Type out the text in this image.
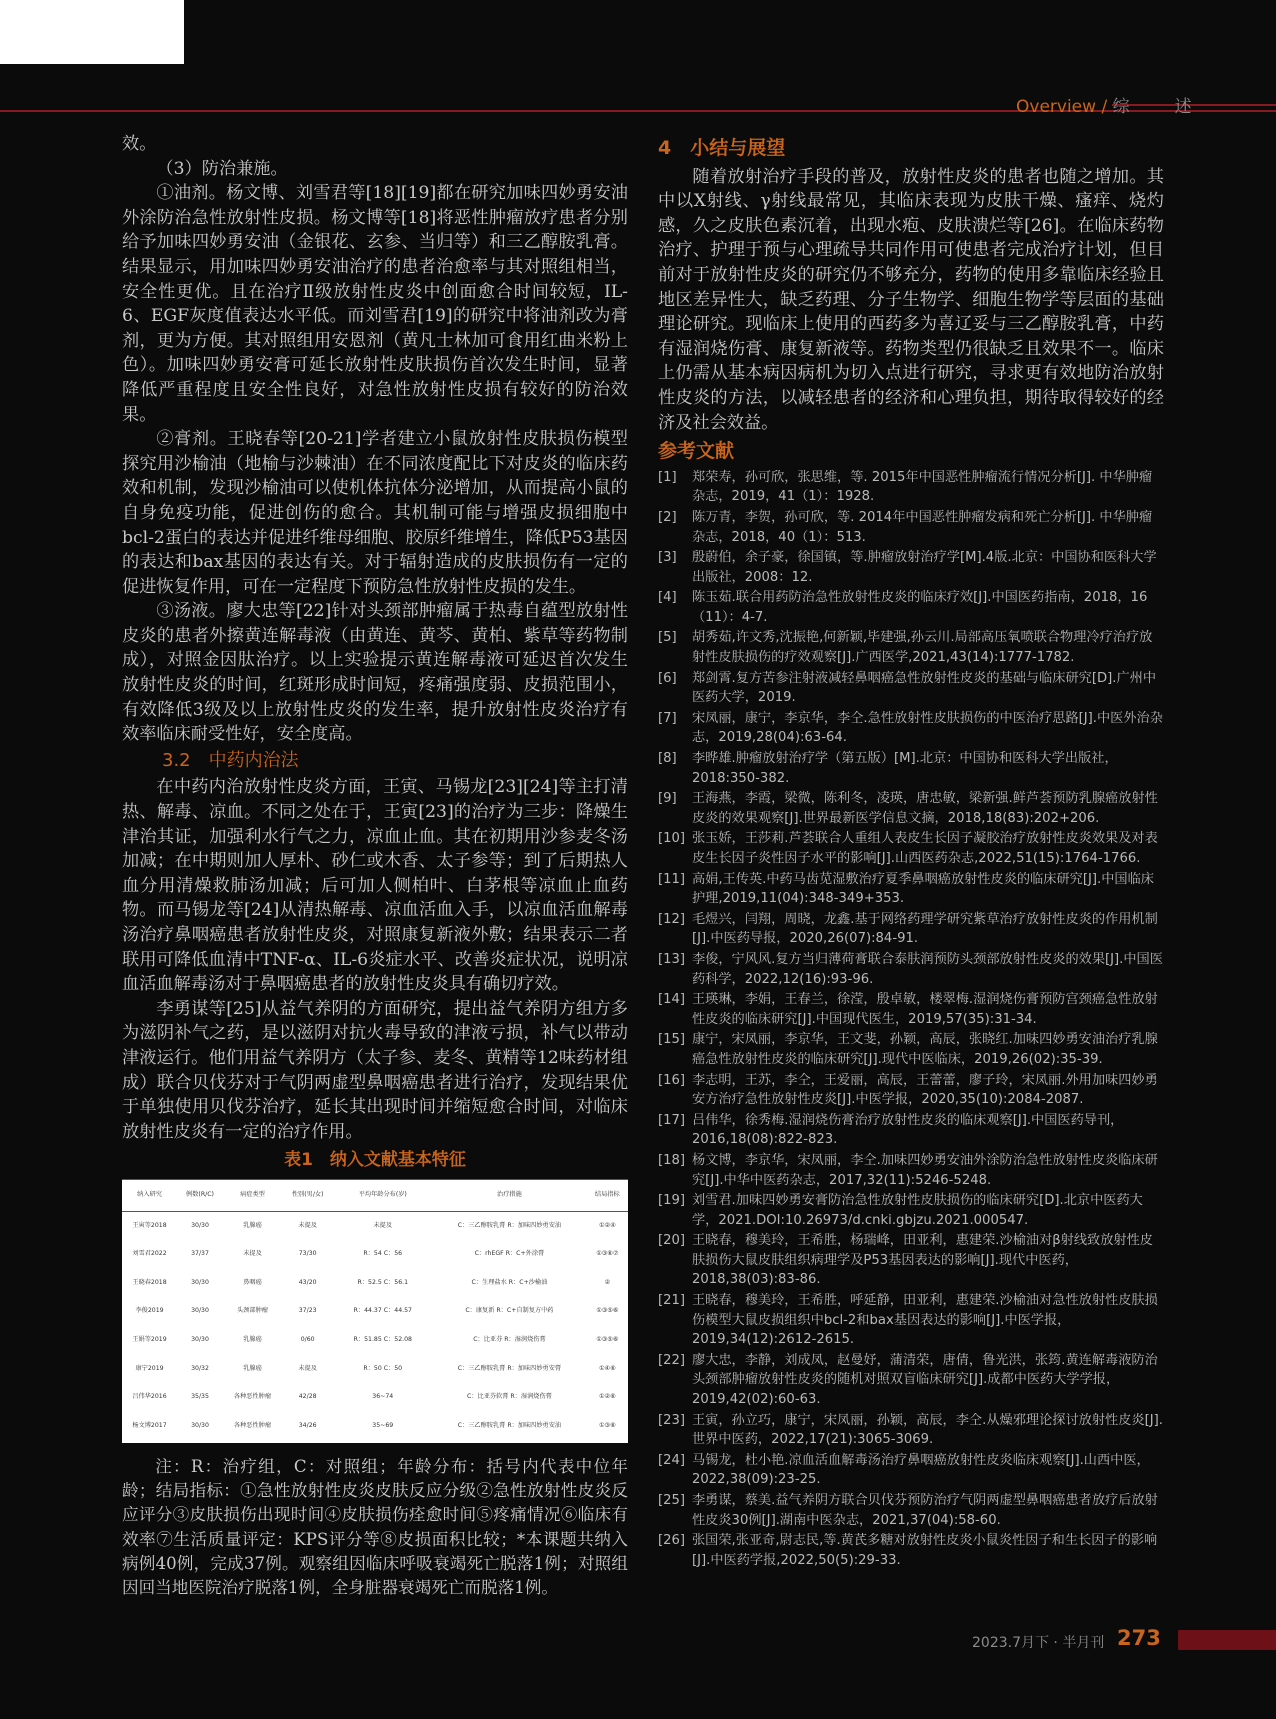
Overview / 综　述

效。

（3）防治兼施。

①油剂。杨文博、刘雪君等[18][19]都在研究加味四妙勇安油外涂防治急性放射性皮损。杨文博等[18]将恶性肿瘤放疗患者分别给予加味四妙勇安油（金银花、玄参、当归等）和三乙醇胺乳膏。结果显示，用加味四妙勇安油治疗的患者治愈率与其对照组相当，安全性更优。且在治疗Ⅱ级放射性皮炎中创面愈合时间较短，IL-6、EGF灰度值表达水平低。而刘雪君[19]的研究中将油剂改为膏剂，更为方便。其对照组用安恩剂（黄凡士林加可食用红曲米粉上色）。加味四妙勇安膏可延长放射性皮肤损伤首次发生时间，显著降低严重程度且安全性良好，对急性放射性皮损有较好的防治效果。

②膏剂。王晓春等[20-21]学者建立小鼠放射性皮肤损伤模型探究用沙榆油（地榆与沙棘油）在不同浓度配比下对皮炎的临床药效和机制，发现沙榆油可以使机体抗体分泌增加，从而提高小鼠的自身免疫功能，促进创伤的愈合。其机制可能与增强皮损细胞中bcl-2蛋白的表达并促进纤维母细胞、胶原纤维增生，降低P53基因的表达和bax基因的表达有关。对于辐射造成的皮肤损伤有一定的促进恢复作用，可在一定程度下预防急性放射性皮损的发生。

③汤液。廖大忠等[22]针对头颈部肿瘤属于热毒自蕴型放射性皮炎的患者外擦黄连解毒液（由黄连、黄芩、黄柏、紫草等药物制成），对照金因肽治疗。以上实验提示黄连解毒液可延迟首次发生放射性皮炎的时间，红斑形成时间短，疼痛强度弱、皮损范围小，有效降低3级及以上放射性皮炎的发生率，提升放射性皮炎治疗有效率临床耐受性好，安全度高。

3.2　中药内治法

在中药内治放射性皮炎方面，王寅、马锡龙[23][24]等主打清热、解毒、凉血。不同之处在于，王寅[23]的治疗为三步：降燥生津治其证，加强利水行气之力，凉血止血。其在初期用沙参麦冬汤加减；在中期则加人厚朴、砂仁或木香、太子参等；到了后期热人血分用清燥救肺汤加减；后可加人侧柏叶、白茅根等凉血止血药物。而马锡龙等[24]从清热解毒、凉血活血入手，以凉血活血解毒汤治疗鼻咽癌患者放射性皮炎，对照康复新液外敷；结果表示二者联用可降低血清中TNF-α、IL-6炎症水平、改善炎症状况，说明凉血活血解毒汤对于鼻咽癌患者的放射性皮炎具有确切疗效。

李勇谋等[25]从益气养阴的方面研究，提出益气养阴方组方多为滋阴补气之药，是以滋阴对抗火毒导致的津液亏损，补气以带动津液运行。他们用益气养阴方（太子参、麦冬、黄精等12味药材组成）联合贝伐芬对于气阴两虚型鼻咽癌患者进行治疗，发现结果优于单独使用贝伐芬治疗，延长其出现时间并缩短愈合时间，对临床放射性皮炎有一定的治疗作用。

表1　纳入文献基本特征
纳入研究	例数(R/C)	病症类型	性别(男/女)	平均年龄分布(岁)	治疗措施	结局指标
王寅等2018	30/30	乳腺癌	未提及	未提及	C：三乙醇胺乳膏 R：加味四妙勇安油	①②④
刘雪君2022	37/37	未提及	73/30	R：54 C：56	C：rhEGF R：C+外涂膏	①③⑥⑦
王晓春2018	30/30	鼻咽癌	43/20	R：52.5 C：56.1	C：生理盐水 R：C+沙榆油	②
李俊2019	30/30	头颈部肿瘤	37/23	R：44.37 C：44.57	C：康复新 R：C+自制复方中药	①③⑤⑥
王娟等2019	30/30	乳腺癌	0/60	R：51.85 C：52.08	C：比亚芬 R：湿润烧伤膏	①③⑤⑥
康宁2019	30/32	乳腺癌	未提及	R：50 C：50	C：三乙醇胺乳膏 R：加味四妙勇安膏	①④⑥
吕伟华2016	35/35	各种恶性肿瘤	42/28	36~74	C：比亚芬软膏 R：湿润烧伤膏	①②⑥
杨文博2017	30/30	各种恶性肿瘤	34/26	35~69	C：三乙醇胺乳膏 R：加味四妙勇安油	①③⑥

注：R：治疗组，C：对照组；年龄分布：括号内代表中位年龄；结局指标：①急性放射性皮炎皮肤反应分级②急性放射性皮炎反应评分③皮肤损伤出现时间④皮肤损伤痊愈时间⑤疼痛情况⑥临床有效率⑦生活质量评定：KPS评分等⑧皮损面积比较；*本课题共纳入病例40例，完成37例。观察组因临床呼吸衰竭死亡脱落1例；对照组因回当地医院治疗脱落1例，全身脏器衰竭死亡而脱落1例。

4　小结与展望

随着放射治疗手段的普及，放射性皮炎的患者也随之增加。其中以X射线、γ射线最常见，其临床表现为皮肤干燥、瘙痒、烧灼感，久之皮肤色素沉着，出现水疱、皮肤溃烂等[26]。在临床药物治疗、护理于预与心理疏导共同作用可使患者完成治疗计划，但目前对于放射性皮炎的研究仍不够充分，药物的使用多靠临床经验且地区差异性大，缺乏药理、分子生物学、细胞生物学等层面的基础理论研究。现临床上使用的西药多为喜辽妥与三乙醇胺乳膏，中药有湿润烧伤膏、康复新液等。药物类型仍很缺乏且效果不一。临床上仍需从基本病因病机为切入点进行研究，寻求更有效地防治放射性皮炎的方法，以减轻患者的经济和心理负担，期待取得较好的经济及社会效益。

参考文献
[1]	郑荣寿，孙可欣，张思维，等. 2015年中国恶性肿瘤流行情况分析[J]. 中华肿瘤杂志，2019，41（1）：1928.
[2]	陈万青，李贺，孙可欣，等. 2014年中国恶性肿瘤发病和死亡分析[J]. 中华肿瘤杂志，2018，40（1）：513.
[3]	殷蔚伯，余子豪，徐国镇，等.肿瘤放射治疗学[M].4版.北京：中国协和医科大学出版社，2008：12.
[4]	陈玉茹.联合用药防治急性放射性皮炎的临床疗效[J].中国医药指南，2018，16（11）：4-7.
[5]	胡秀茹,许文秀,沈振艳,何新颖,毕建强,孙云川.局部高压氧喷联合物理冷疗治疗放射性皮肤损伤的疗效观察[J].广西医学,2021,43(14):1777-1782.
[6]	郑剑霄.复方苦参注射液减轻鼻咽癌急性放射性皮炎的基础与临床研究[D].广州中医药大学，2019.
[7]	宋凤丽，康宁，李京华，李仝.急性放射性皮肤损伤的中医治疗思路[J].中医外治杂志，2019,28(04):63-64.
[8]	李晔雄.肿瘤放射治疗学（第五版）[M].北京：中国协和医科大学出版社，2018:350-382.
[9]	王海燕，李霞，梁微，陈利冬，凌瑛，唐忠敏，梁新强.鲜芦荟预防乳腺癌放射性皮炎的效果观察[J].世界最新医学信息文摘，2018,18(83):202+206.
[10] 张玉娇，王莎莉.芦荟联合人重组人表皮生长因子凝胶治疗放射性皮炎效果及对表皮生长因子炎性因子水平的影响[J].山西医药杂志,2022,51(15):1764-1766.
[11] 高娟,王传英.中药马齿苋湿敷治疗夏季鼻咽癌放射性皮炎的临床研究[J].中国临床护理,2019,11(04):348-349+353.
[12] 毛煜兴，闫翔，周晓，龙鑫.基于网络药理学研究紫草治疗放射性皮炎的作用机制[J].中医药导报，2020,26(07):84-91.
[13] 李俊，宁风风.复方当归薄荷膏联合泰肤润预防头颈部放射性皮炎的效果[J].中国医药科学，2022,12(16):93-96.
[14] 王瑛琳，李娟，王春兰，徐滢，殷卓敏，楼翠梅.湿润烧伤膏预防宫颈癌急性放射性皮炎的临床研究[J].中国现代医生，2019,57(35):31-34.
[15] 康宁，宋凤丽，李京华，王文斐，孙颖，高辰，张晓红.加味四妙勇安油治疗乳腺癌急性放射性皮炎的临床研究[J].现代中医临床，2019,26(02):35-39.
[16] 李志明，王苏，李仝，王爱丽，高辰，王蕾蕾，廖子玲，宋凤丽.外用加味四妙勇安方治疗急性放射性皮炎[J].中医学报，2020,35(10):2084-2087.
[17] 吕伟华，徐秀梅.湿润烧伤膏治疗放射性皮炎的临床观察[J].中国医药导刊，2016,18(08):822-823.
[18] 杨文博，李京华，宋凤丽，李仝.加味四妙勇安油外涂防治急性放射性皮炎临床研究[J].中华中医药杂志，2017,32(11):5246-5248.
[19] 刘雪君.加味四妙勇安膏防治急性放射性皮肤损伤的临床研究[D].北京中医药大学，2021.DOI:10.26973/d.cnki.gbjzu.2021.000547.
[20] 王晓春，穆美玲，王希胜，杨瑞峰，田亚利，惠建荣.沙榆油对β射线致放射性皮肤损伤大鼠皮肤组织病理学及P53基因表达的影响[J].现代中医药，2018,38(03):83-86.
[21] 王晓春，穆美玲，王希胜，呼延静，田亚利，惠建荣.沙榆油对急性放射性皮肤损伤模型大鼠皮损组织中bcl-2和bax基因表达的影响[J].中医学报，2019,34(12):2612-2615.
[22] 廖大忠，李静，刘成凤，赵曼妤，蒲清荣，唐倩，鲁光洪，张筠.黄连解毒液防治头颈部肿瘤放射性皮炎的随机对照双盲临床研究[J].成都中医药大学学报，2019,42(02):60-63.
[23] 王寅，孙立巧，康宁，宋凤丽，孙颖，高辰，李仝.从燥邪理论探讨放射性皮炎[J].世界中医药，2022,17(21):3065-3069.
[24] 马锡龙，杜小艳.凉血活血解毒汤治疗鼻咽癌放射性皮炎临床观察[J].山西中医，2022,38(09):23-25.
[25] 李勇谋，蔡美.益气养阴方联合贝伐芬预防治疗气阴两虚型鼻咽癌患者放疗后放射性皮炎30例[J].湖南中医杂志，2021,37(04):58-60.
[26] 张国荣,张亚奇,尉志民,等.黄芪多糖对放射性皮炎小鼠炎性因子和生长因子的影响[J].中医药学报,2022,50(5):29-33.
2023.7月下 · 半月刊 273
